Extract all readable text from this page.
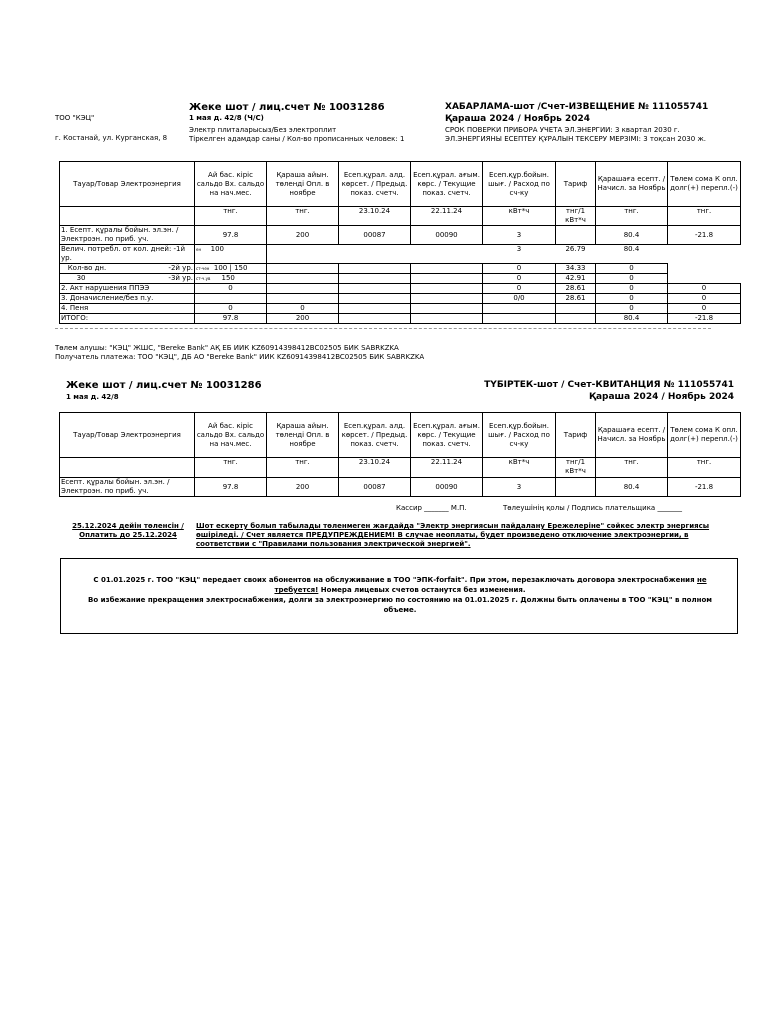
ТОО "КЭЦ"
г. Костанай, ул. Курганская, 8
Жеке шот / лиц.счет № 10031286
1 мая д. 42/8 (Ч/С)
Электр плиталарысыз/Без электроплит
Тіркелген адамдар саны / Кол-во прописанных человек: 1
ХАБАРЛАМА-шот /Счет-ИЗВЕЩЕНИЕ № 111055741
Қараша 2024 / Ноябрь 2024
СРОК ПОВЕРКИ ПРИБОРА УЧЕТА ЭЛ.ЭНЕРГИИ: 3 квартал 2030 г.
ЭЛ.ЭНЕРГИЯНЫ ЕСЕПТЕУ ҚҰРАЛЫН ТЕКСЕРУ МЕРЗІМІ: 3 тоқсан 2030 ж.
Тауар/Товар Электроэнергия	Ай бас. кіріс сальдо Вх. сальдо на нач.мес.	Қараша айын. төленді Опл. в ноябре	Есеп.құрал. алд. көрсет. / Предыд. показ. счетч.	Есеп.құрал. ағым. көрс. / Текущие показ. счетч.	Есеп.құр.бойын. шығ. / Расход по сч-ку	Тариф	Қарашаға есепт. / Начисл. за Ноябрь	Төлем сома К опл. долг(+) перепл.(-)
	тнг.	тнг.	23.10.24	22.11.24	кВт*ч	тнг/1 кВт*ч	тнг.	тнг.
1. Есепт. құралы бойын. эл.эн. / Электроэн. по приб. уч.	97.8	200	00087	00090	3		80.4	-21.8
Велич. потребл. от кол. дней: -1й ур.	ен 100				3	26.79	80.4	
Кол-во дн. -2й ур.	ст-чен 100 | 150				0	34.33	0	
30 -3й ур.	ст-ч.ув 150				0	42.91	0	
2. Акт нарушения ППЭЭ	0				0	28.61	0	0
3. Доначисление/без п.у.					0/0	28.61	0	0
4. Пеня	0	0					0	0
ИТОГО:	97.8	200					80.4	-21.8
Төлем алушы: "КЭЦ" ЖШС, "Bereke Bank" АҚ ЕБ ИИК KZ60914398412BC02505 БИК SABRKZKA
Получатель платежа: ТОО "КЭЦ", ДБ АО "Bereke Bank" ИИК KZ60914398412BC02505 БИК SABRKZKA
Жеке шот / лиц.счет № 10031286
1 мая д. 42/8
ТҮБІРТЕК-шот / Счет-КВИТАНЦИЯ № 111055741
Қараша 2024 / Ноябрь 2024
Тауар/Товар Электроэнергия	Ай бас. кіріс сальдо Вх. сальдо на нач.мес.	Қараша айын. төленді Опл. в ноябре	Есеп.құрал. алд. көрсет. / Предыд. показ. счетч.	Есеп.құрал. ағым. көрс. / Текущие показ. счетч.	Есеп.құр.бойын. шығ. / Расход по сч-ку	Тариф	Қарашаға есепт. / Начисл. за Ноябрь	Төлем сома К опл. долг(+) перепл.(-)
	тнг.	тнг.	23.10.24	22.11.24	кВт*ч	тнг/1 кВт*ч	тнг.	тнг.
Есепт. құралы бойын. эл.эн. / Электроэн. по приб. уч.	97.8	200	00087	00090	3		80.4	-21.8
Кассир _______ М.П.	Төлеушінің қолы / Подпись плательщика _______
25.12.2024 дейін төленсін /
Оплатить до 25.12.2024
Шот ескерту болып табылады төленмеген жағдайда "Электр энергиясын пайдалану Ережелеріне" сәйкес электр энергиясы өшіріледі. / Счет является ПРЕДУПРЕЖДЕНИЕМ! В случае неоплаты, будет произведено отключение электроэнергии, в соответствии с "Правилами пользования электрической энергией".
С 01.01.2025 г. ТОО "КЭЦ" передает своих абонентов на обслуживание в ТОО "ЭПК-forfait". При этом, перезаключать договора электроснабжения не требуется! Номера лицевых счетов останутся без изменения.
Во избежание прекращения электроснабжения, долги за электроэнергию по состоянию на 01.01.2025 г. Должны быть оплачены в ТОО "КЭЦ" в полном объеме.
